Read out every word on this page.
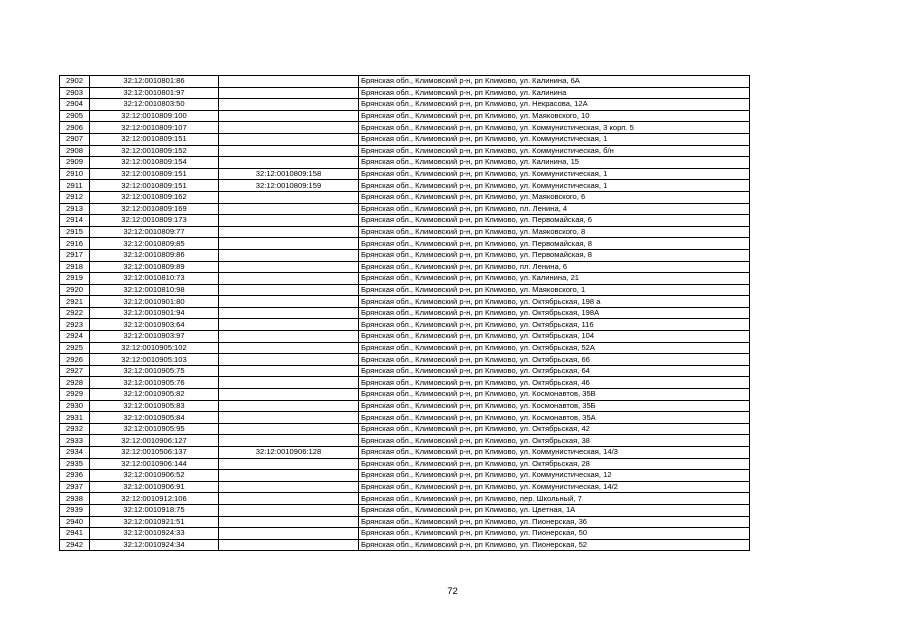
2902	32:12:0010801:86		Брянская обл., Климовский р-н, рп Климово, ул. Калинина, 6А
2903	32:12:0010801:97		Брянская обл., Климовский р-н, рп Климово, ул. Калинина
2904	32:12:0010803:50		Брянская обл., Климовский р-н, рп Климово, ул. Некрасова, 12А
2905	32:12:0010809:100		Брянская обл., Климовский р-н, рп Климово, ул. Маяковского, 10
2906	32:12:0010809:107		Брянская обл., Климовский р-н, рп Климово, ул. Коммунистическая, 3 корп. 5
2907	32:12:0010809:151		Брянская обл., Климовский р-н, рп Климово, ул. Коммунистическая, 1
2908	32:12:0010809:152		Брянская обл., Климовский р-н, рп Климово, ул. Коммунистическая, б/н
2909	32:12:0010809:154		Брянская обл., Климовский р-н, рп Климово, ул. Калинина, 15
2910	32:12:0010809:151	32:12:0010809:158	Брянская обл., Климовский р-н, рп Климово, ул. Коммунистическая, 1
2911	32:12:0010809:151	32:12:0010809:159	Брянская обл., Климовский р-н, рп Климово, ул. Коммунистическая, 1
2912	32:12:0010809:162		Брянская обл., Климовский р-н, рп Климово, ул. Маяковского, 6
2913	32:12:0010809:169		Брянская обл., Климовский р-н, рп Климово, пл. Ленина, 4
2914	32:12:0010809:173		Брянская обл., Климовский р-н, рп Климово, ул. Первомайская, 6
2915	32:12:0010809:77		Брянская обл., Климовский р-н, рп Климово, ул. Маяковского, 8
2916	32:12:0010809:85		Брянская обл., Климовский р-н, рп Климово, ул. Первомайская, 8
2917	32:12:0010809:86		Брянская обл., Климовский р-н, рп Климово, ул. Первомайская, 8
2918	32:12:0010809:89		Брянская обл., Климовский р-н, рп Климово, пл. Ленина, 6
2919	32:12:0010810:73		Брянская обл., Климовский р-н, рп Климово, ул. Калинина, 21
2920	32:12:0010810:98		Брянская обл., Климовский р-н, рп Климово, ул. Маяковского, 1
2921	32:12:0010901:80		Брянская обл., Климовский р-н, рп Климово, ул. Октябрьская, 198 а
2922	32:12:0010901:94		Брянская обл., Климовский р-н, рп Климово, ул. Октябрьская, 198А
2923	32:12:0010903:64		Брянская обл., Климовский р-н, рп Климово, ул. Октябрьская, 116
2924	32:12:0010903:97		Брянская обл., Климовский р-н, рп Климово, ул. Октябрьская, 104
2925	32:12:0010905:102		Брянская обл., Климовский р-н, рп Климово, ул. Октябрьская, 52А
2926	32:12:0010905:103		Брянская обл., Климовский р-н, рп Климово, ул. Октябрьская, 66
2927	32:12:0010905:75		Брянская обл., Климовский р-н, рп Климово, ул. Октябрьская, 64
2928	32:12:0010905:76		Брянская обл., Климовский р-н, рп Климово, ул. Октябрьская, 46
2929	32:12:0010905:82		Брянская обл., Климовский р-н, рп Климово, ул. Космонавтов, 35В
2930	32:12:0010905:83		Брянская обл., Климовский р-н, рп Климово, ул. Космонавтов, 35Б
2931	32:12:0010905:84		Брянская обл., Климовский р-н, рп Климово, ул. Космонавтов, 35А
2932	32:12:0010905:95		Брянская обл., Климовский р-н, рп Климово, ул. Октябрьская, 42
2933	32:12:0010906:127		Брянская обл., Климовский р-н, рп Климово, ул. Октябрьская, 38
2934	32:12:0010506:137	32:12:0010906:128	Брянская обл., Климовский р-н, рп Климово, ул. Коммунистическая, 14/3
2935	32:12:0010906:144		Брянская обл., Климовский р-н, рп Климово, ул. Октябрьская, 28
2936	32:12:0010906:52		Брянская обл., Климовский р-н, рп Климово, ул. Коммунистическая, 12
2937	32:12:0010906:91		Брянская обл., Климовский р-н, рп Климово, ул. Коммунистическая, 14/2
2938	32:12:0010912:106		Брянская обл., Климовский р-н, рп Климово, пер. Школьный, 7
2939	32:12:0010918:75		Брянская обл., Климовский р-н, рп Климово, ул. Цветная, 1А
2940	32:12:0010921:51		Брянская обл., Климовский р-н, рп Климово, ул. Пионерская, 36
2941	32:12:0010924:33		Брянская обл., Климовский р-н, рп Климово, ул. Пионерская, 50
2942	32:12:0010924:34		Брянская обл., Климовский р-н, рп Климово, ул. Пионерская, 52
72
